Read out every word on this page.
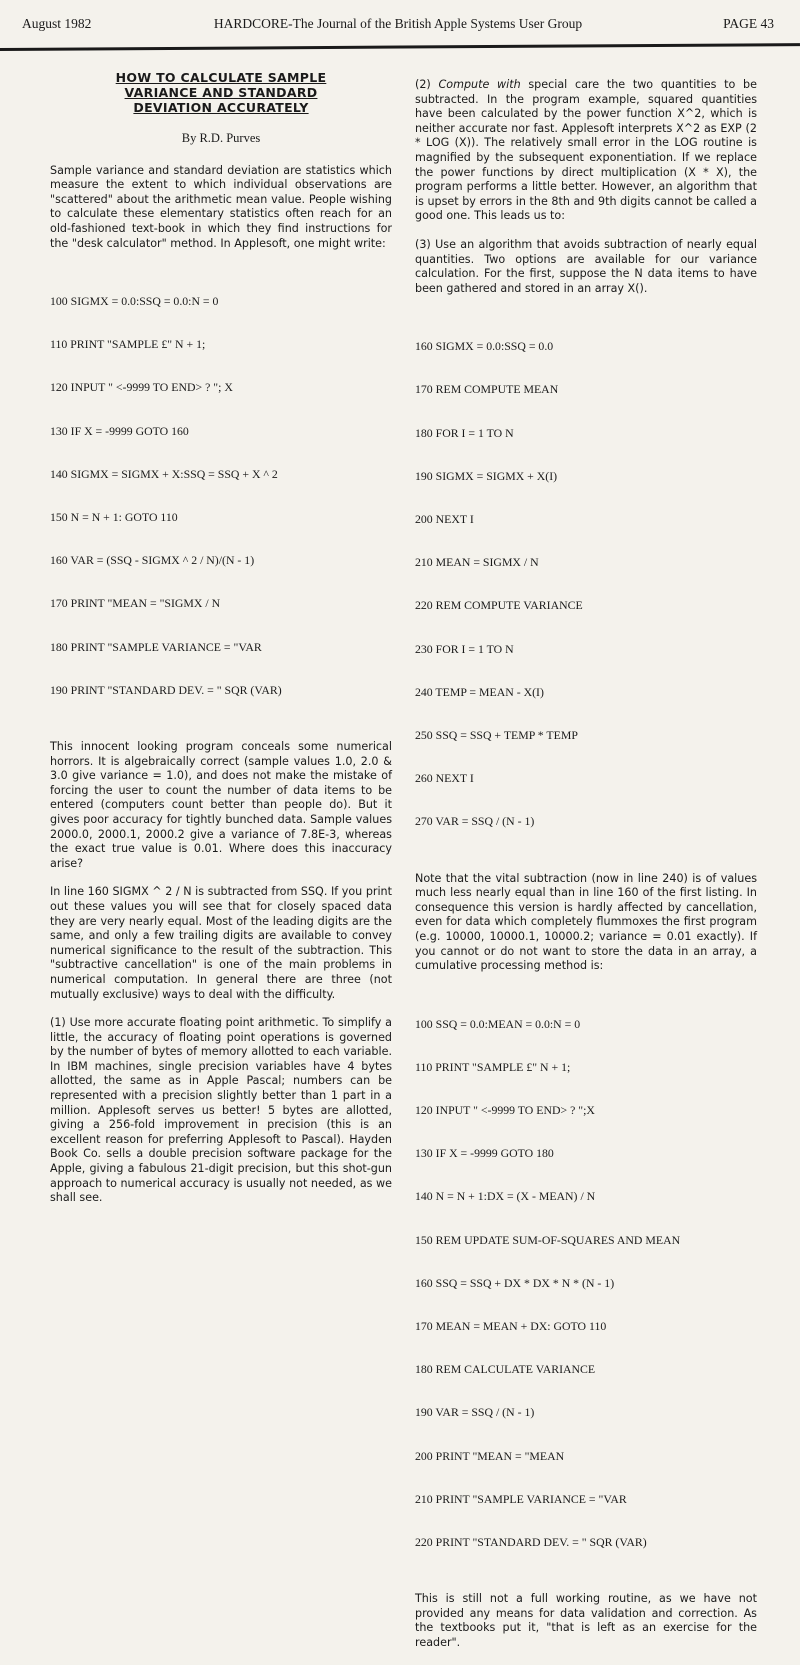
August 1982	HARDCORE-The Journal of the British Apple Systems User Group	PAGE 43
HOW TO CALCULATE SAMPLE
VARIANCE AND STANDARD
DEVIATION ACCURATELY
By R.D. Purves

Sample variance and standard deviation are statistics which measure the extent to which individual observations are "scattered" about the arithmetic mean value. People wishing to calculate these elementary statistics often reach for an old-fashioned text-book in which they find instructions for the "desk calculator" method. In Applesoft, one might write:

100 SIGMX = 0.0:SSQ = 0.0:N = 0

110 PRINT "SAMPLE £" N + 1;

120 INPUT " <-9999 TO END> ? "; X

130 IF X = -9999 GOTO 160

140 SIGMX = SIGMX + X:SSQ = SSQ + X ^ 2

150 N = N + 1: GOTO 110

160 VAR = (SSQ - SIGMX ^ 2 / N)/(N - 1)

170 PRINT "MEAN = "SIGMX / N

180 PRINT "SAMPLE VARIANCE = "VAR

190 PRINT "STANDARD DEV. = " SQR (VAR)

This innocent looking program conceals some numerical horrors. It is algebraically correct (sample values 1.0, 2.0 & 3.0 give variance = 1.0), and does not make the mistake of forcing the user to count the number of data items to be entered (computers count better than people do). But it gives poor accuracy for tightly bunched data. Sample values 2000.0, 2000.1, 2000.2 give a variance of 7.8E-3, whereas the exact true value is 0.01. Where does this inaccuracy arise?

In line 160 SIGMX ^ 2 / N is subtracted from SSQ. If you print out these values you will see that for closely spaced data they are very nearly equal. Most of the leading digits are the same, and only a few trailing digits are available to convey numerical significance to the result of the subtraction. This "subtractive cancellation" is one of the main problems in numerical computation. In general there are three (not mutually exclusive) ways to deal with the difficulty.

(1) Use more accurate floating point arithmetic. To simplify a little, the accuracy of floating point operations is governed by the number of bytes of memory allotted to each variable. In IBM machines, single precision variables have 4 bytes allotted, the same as in Apple Pascal; numbers can be represented with a precision slightly better than 1 part in a million. Applesoft serves us better! 5 bytes are allotted, giving a 256-fold improvement in precision (this is an excellent reason for preferring Applesoft to Pascal). Hayden Book Co. sells a double precision software package for the Apple, giving a fabulous 21-digit precision, but this shot-gun approach to numerical accuracy is usually not needed, as we shall see.

(2) Compute with special care the two quantities to be subtracted. In the program example, squared quantities have been calculated by the power function X^2, which is neither accurate nor fast. Applesoft interprets X^2 as EXP (2 * LOG (X)). The relatively small error in the LOG routine is magnified by the subsequent exponentiation. If we replace the power functions by direct multiplication (X * X), the program performs a little better. However, an algorithm that is upset by errors in the 8th and 9th digits cannot be called a good one. This leads us to:

(3) Use an algorithm that avoids subtraction of nearly equal quantities. Two options are available for our variance calculation. For the first, suppose the N data items to have been gathered and stored in an array X().

160 SIGMX = 0.0:SSQ = 0.0

170 REM COMPUTE MEAN

180 FOR I = 1 TO N

190 SIGMX = SIGMX + X(I)

200 NEXT I

210 MEAN = SIGMX / N

220 REM COMPUTE VARIANCE

230 FOR I = 1 TO N

240 TEMP = MEAN - X(I)

250 SSQ = SSQ + TEMP * TEMP

260 NEXT I

270 VAR = SSQ / (N - 1)

Note that the vital subtraction (now in line 240) is of values much less nearly equal than in line 160 of the first listing. In consequence this version is hardly affected by cancellation, even for data which completely flummoxes the first program (e.g. 10000, 10000.1, 10000.2; variance = 0.01 exactly). If you cannot or do not want to store the data in an array, a cumulative processing method is:

100 SSQ = 0.0:MEAN = 0.0:N = 0

110 PRINT "SAMPLE £" N + 1;

120 INPUT " <-9999 TO END> ? ";X

130 IF X = -9999 GOTO 180

140 N = N + 1:DX = (X - MEAN) / N

150 REM UPDATE SUM-OF-SQUARES AND MEAN

160 SSQ = SSQ + DX * DX * N * (N - 1)

170 MEAN = MEAN + DX: GOTO 110

180 REM CALCULATE VARIANCE

190 VAR = SSQ / (N - 1)

200 PRINT "MEAN = "MEAN

210 PRINT "SAMPLE VARIANCE = "VAR

220 PRINT "STANDARD DEV. = " SQR (VAR)

This is still not a full working routine, as we have not provided any means for data validation and correction. As the textbooks put it, "that is left as an exercise for the reader".
